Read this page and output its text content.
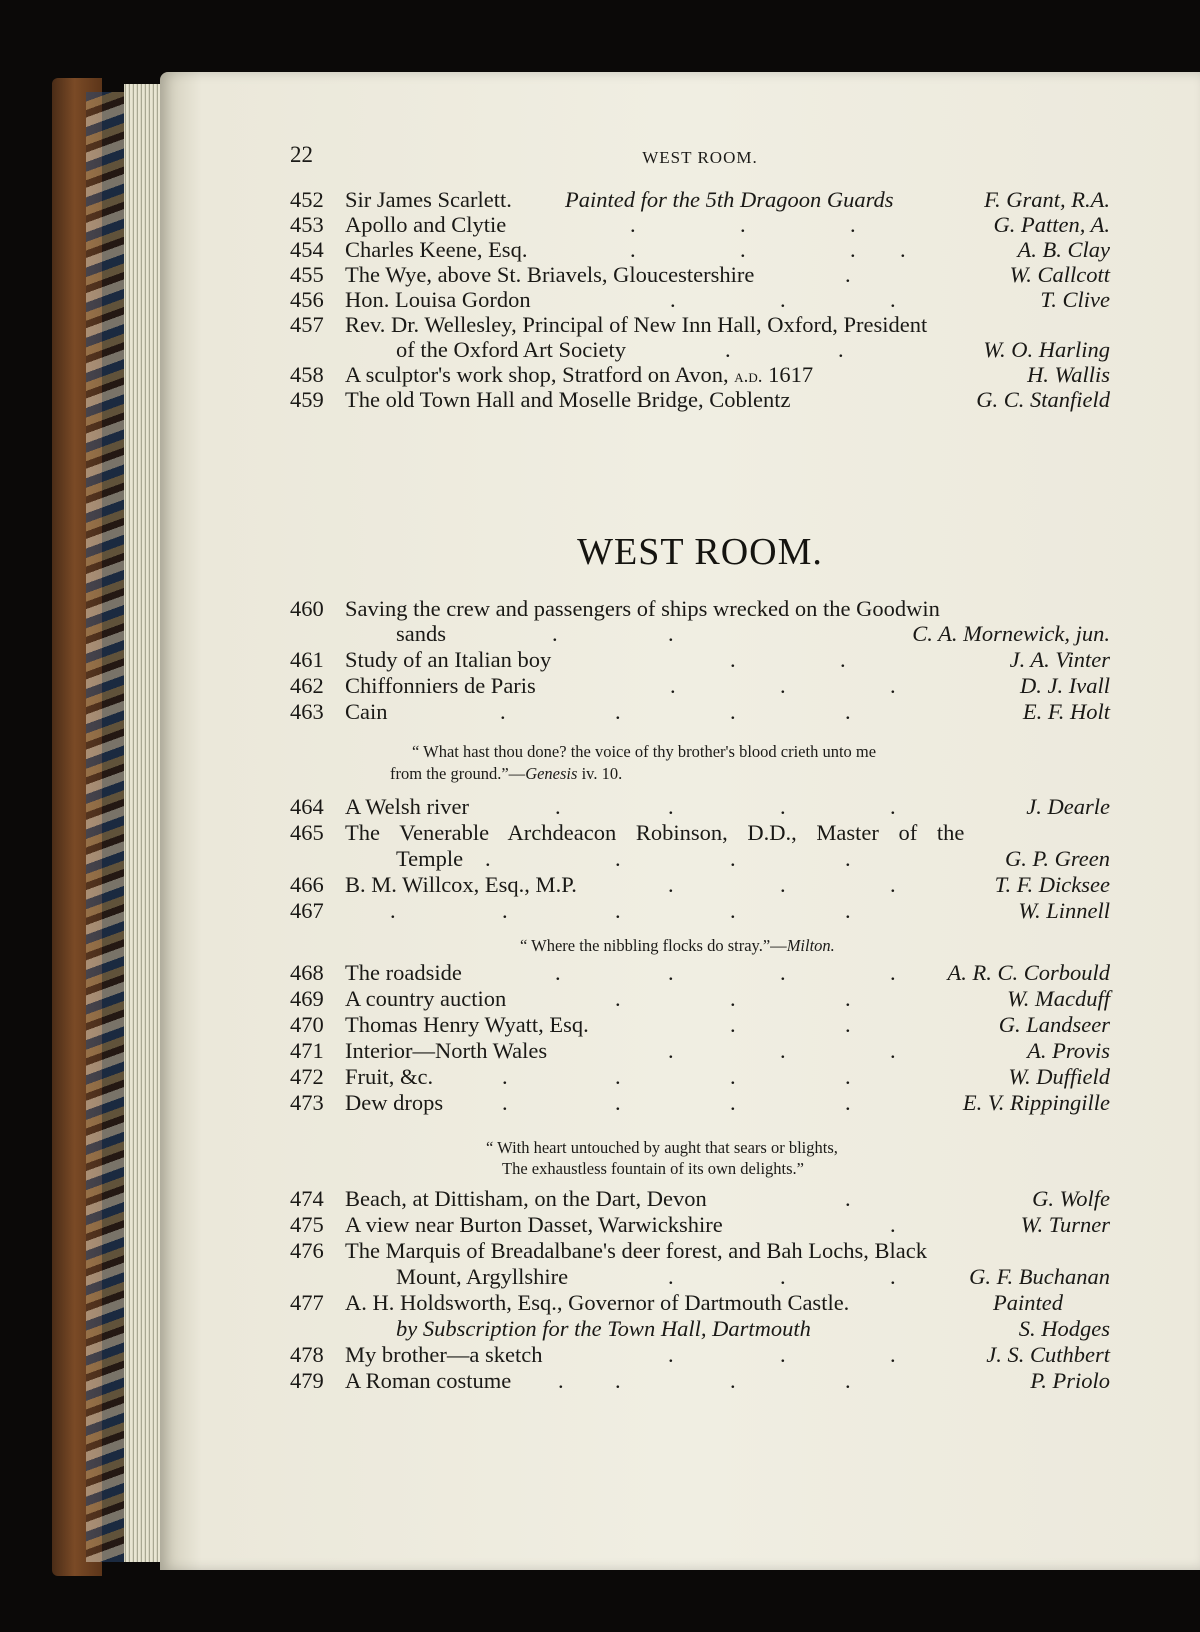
22	WEST ROOM.
452 Sir James Scarlett. Painted for the 5th Dragoon Guards	F. Grant, R.A.
453 Apollo and Clytie	.	.	.	G. Patten, A.
454 Charles Keene, Esq.	.	.	. .	A. B. Clay
455 The Wye, above St. Briavels, Gloucestershire	.	W. Callcott
456 Hon. Louisa Gordon	.	.	.	T. Clive
457 Rev. Dr. Wellesley, Principal of New Inn Hall, Oxford, President
of the Oxford Art Society	.	.	W. O. Harling
458 A sculptor's work shop, Stratford on Avon, a.d. 1617	H. Wallis
459 The old Town Hall and Moselle Bridge, Coblentz	G. C. Stanfield
WEST ROOM.
460 Saving the crew and passengers of ships wrecked on the Goodwin
sands	.	.	C. A. Mornewick, jun.
461 Study of an Italian boy	.	.	J. A. Vinter
462 Chiffonniers de Paris	.	.	.	D. J. Ivall
463 Cain	.	.	.	.	E. F. Holt
“ What hast thou done? the voice of thy brother's blood crieth unto me
from the ground.”—Genesis iv. 10.
464 A Welsh river	.	.	.	.	J. Dearle
465 The Venerable Archdeacon Robinson, D.D., Master of the
Temple .	.	.	.	G. P. Green
466 B. M. Willcox, Esq., M.P.	.	.	.	T. F. Dicksee
467	.	.	.	.	.	W. Linnell
“ Where the nibbling flocks do stray.”—Milton.
468 The roadside	.	.	.	. A. R. C. Corbould
469 A country auction	.	.	.	W. Macduff
470 Thomas Henry Wyatt, Esq.	.	.	G. Landseer
471 Interior—North Wales	.	.	.	A. Provis
472 Fruit, &c.	.	.	.	.	W. Duffield
473 Dew drops	.	.	.	.	E. V. Rippingille
“ With heart untouched by aught that sears or blights,
The exhaustless fountain of its own delights.”
474 Beach, at Dittisham, on the Dart, Devon	.	G. Wolfe
475 A view near Burton Dasset, Warwickshire	.	W. Turner
476 The Marquis of Breadalbane's deer forest, and Bah Lochs, Black
Mount, Argyllshire	.	.	.	G. F. Buchanan
477 A. H. Holdsworth, Esq., Governor of Dartmouth Castle.	Painted
by Subscription for the Town Hall, Dartmouth	S. Hodges
478 My brother—a sketch	.	.	.	J. S. Cuthbert
479 A Roman costume . .	.	.	P. Priolo
